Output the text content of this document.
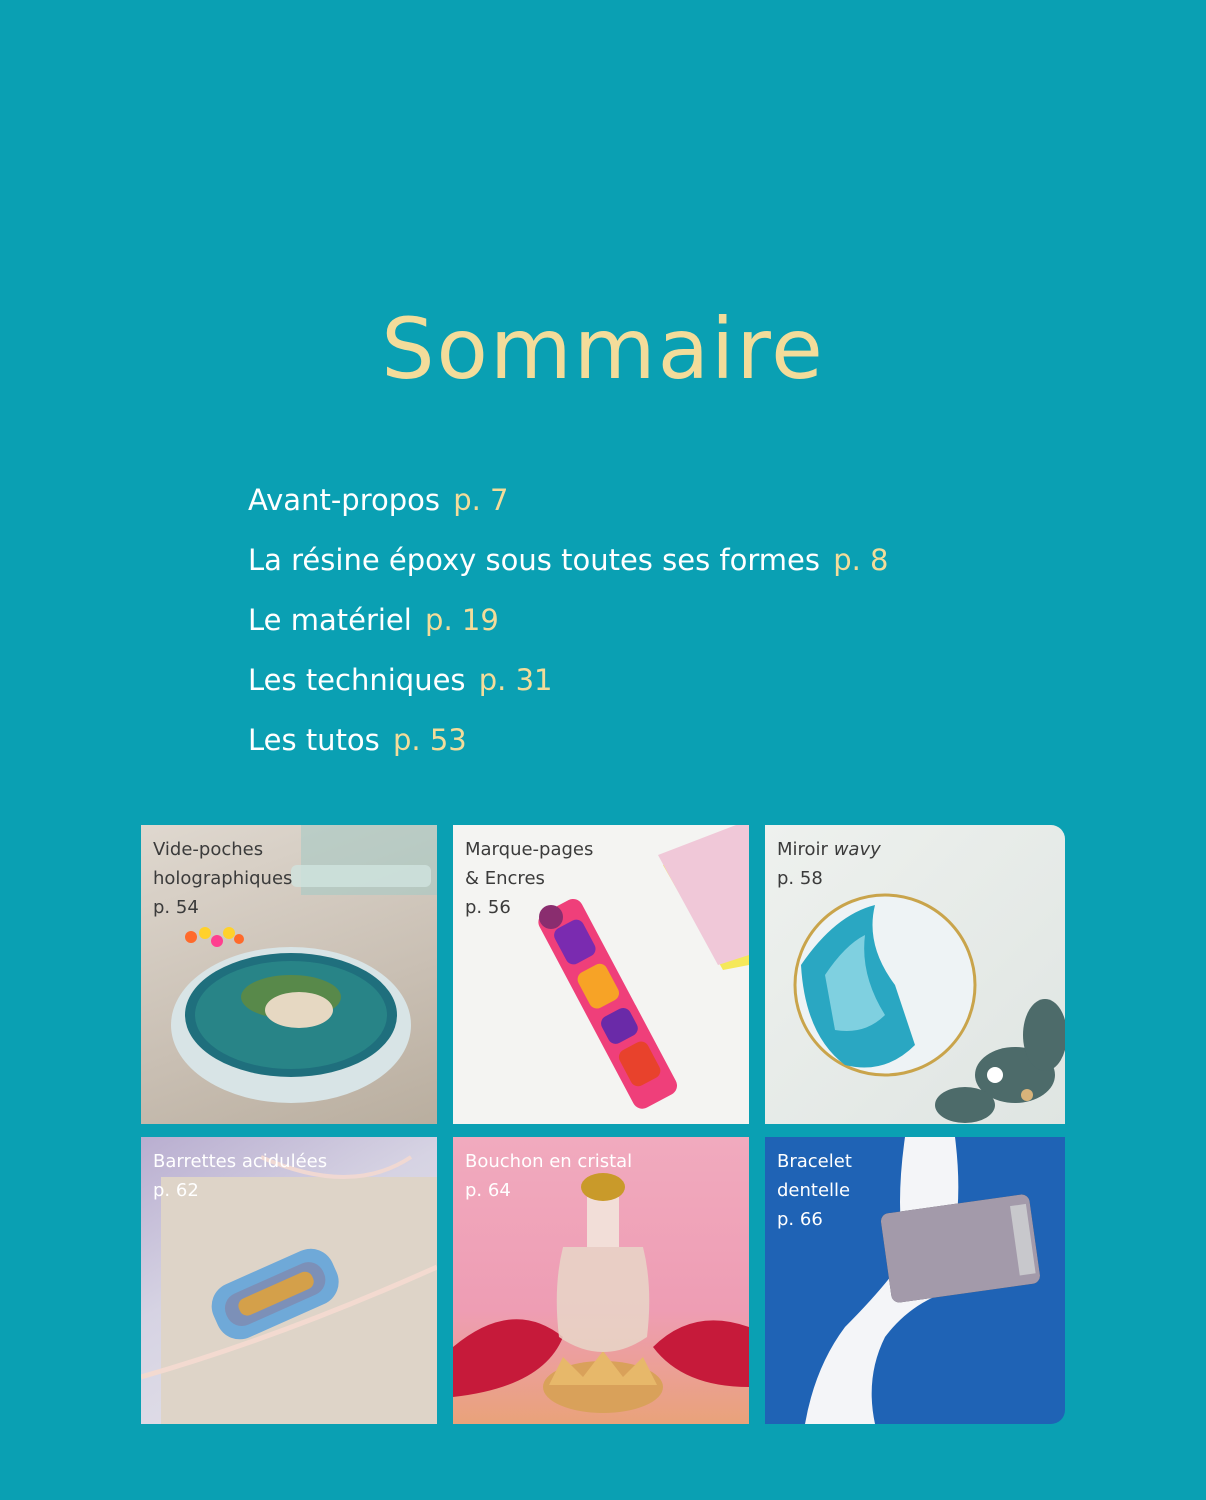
Sommaire
Avant-propos p. 7
La résine époxy sous toutes ses formes p. 8
Le matériel p. 19
Les techniques p. 31
Les tutos p. 53
Vide-poches holographiques
p. 54
Marque-pages & Encres
p. 56
Miroir wavy
p. 58
Barrettes acidulées
p. 62
Bouchon en cristal
p. 64
Bracelet dentelle
p. 66
